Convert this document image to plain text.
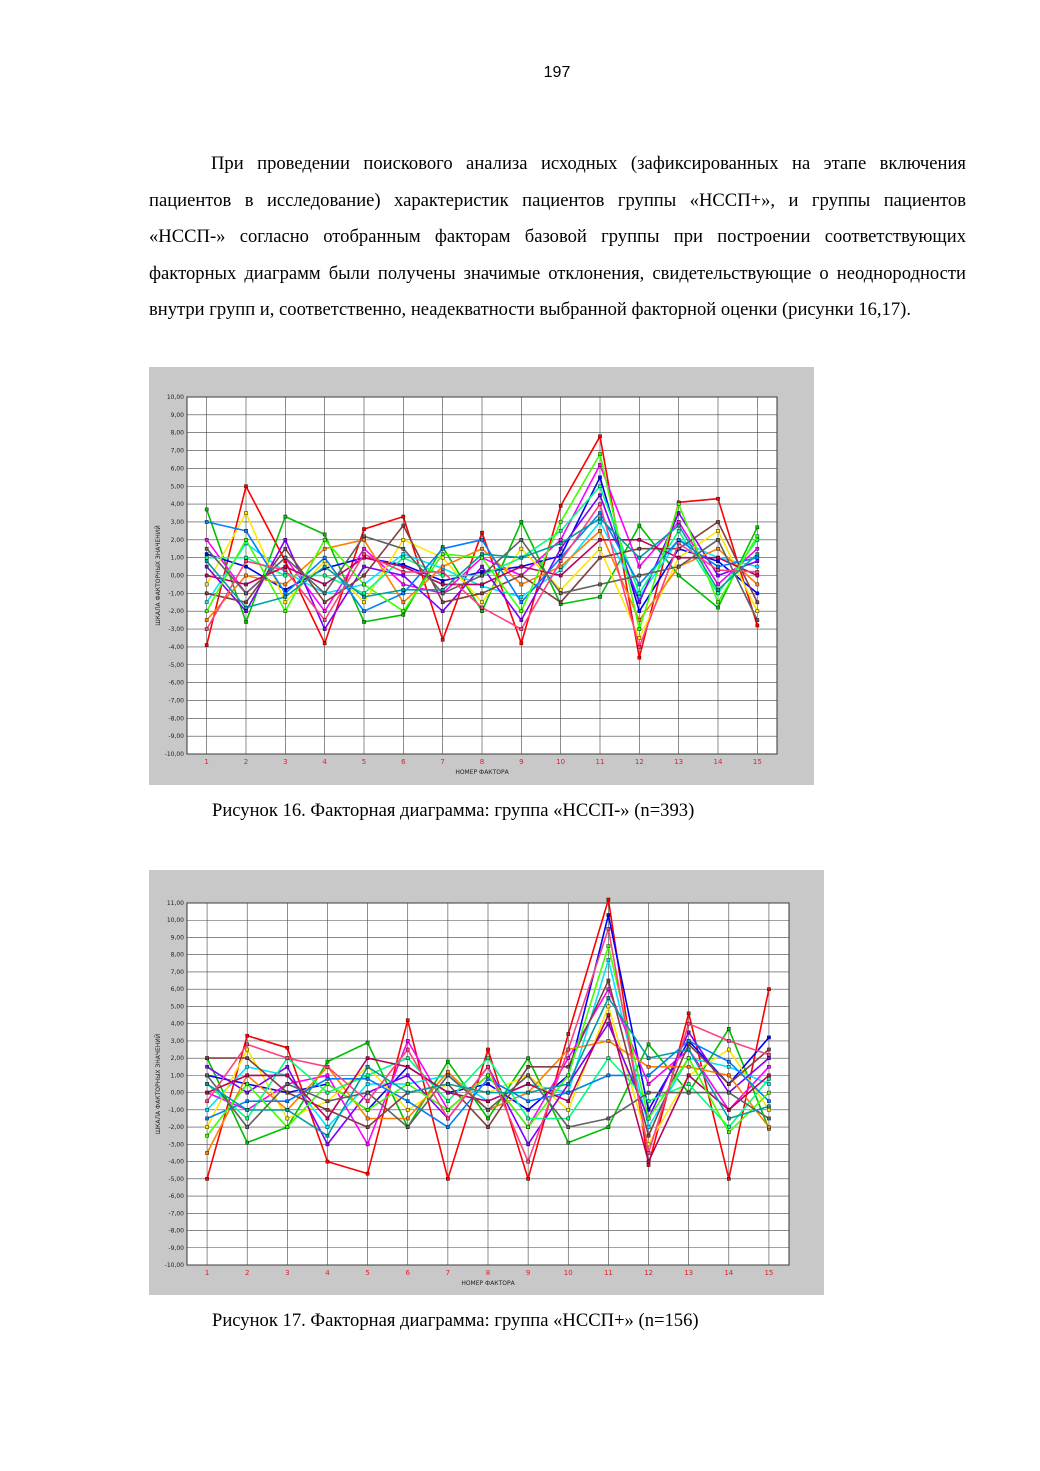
197

При проведении поискового анализа исходных (зафиксированных на этапе включения пациентов в исследование) характеристик пациентов группы «НССП+», и группы пациентов «НССП-» согласно отобранным факторам базовой группы при построении соответствующих факторных диаграмм были получены значимые отклонения, свидетельствующие о неоднородности внутри групп и, соответственно, неадекватности выбранной факторной оценки (рисунки 16,17).

10,00
9,00
8,00
7,00
6,00
5,00
4,00
3,00
2,00
1,00
0,00
-1,00
-2,00
-3,00
-4,00
-5,00
-6,00
-7,00
-8,00
-9,00
-10,00
1	2	3	4	5	6	7	8	9	10	11	12	13	14	15
НОМЕР ФАКТОРА
ШКАЛА ФАКТОРНЫХ ЗНАЧЕНИЙ
Рисунок 16. Факторная диаграмма: группа «НССП-» (n=393)
11,00
10,00
9,00
8,00
7,00
6,00
5,00
4,00
3,00
2,00
1,00
0,00
-1,00
-2,00
-3,00
-4,00
-5,00
-6,00
-7,00
-8,00
-9,00
-10,00
1	2	3	4	5	6	7	8	9	10	11	12	13	14	15
НОМЕР ФАКТОРА
ШКАЛА ФАКТОРНЫХ ЗНАЧЕНИЙ
Рисунок 17. Факторная диаграмма: группа «НССП+» (n=156)
